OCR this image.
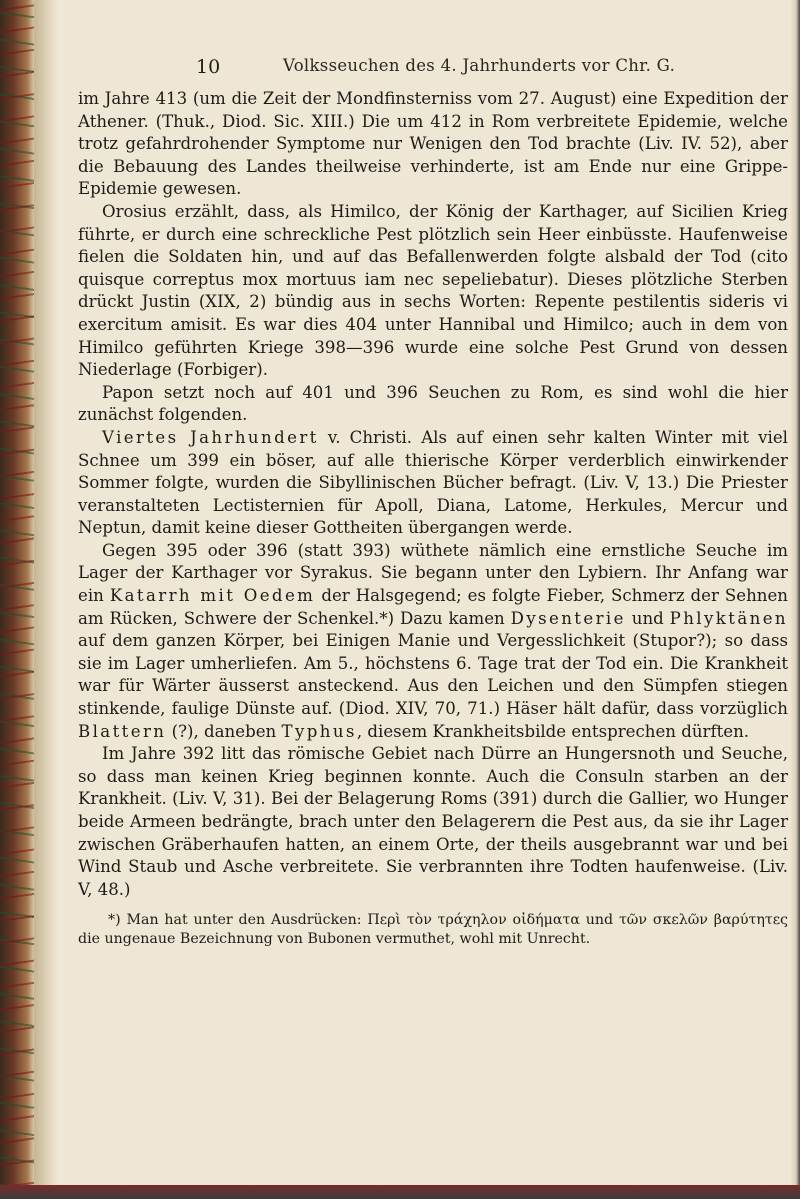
10	Volksseuchen des 4. Jahrhunderts vor Chr. G.

im Jahre 413 (um die Zeit der Mondfinsterniss vom 27. August) eine Expedition der Athener. (Thuk., Diod. Sic. XIII.) Die um 412 in Rom verbreitete Epidemie, welche trotz gefahrdrohender Symptome nur Wenigen den Tod brachte (Liv. IV. 52), aber die Bebauung des Landes theilweise verhinderte, ist am Ende nur eine Grippe-Epidemie gewesen.

Orosius erzählt, dass, als Himilco, der König der Karthager, auf Sicilien Krieg führte, er durch eine schreckliche Pest plötzlich sein Heer einbüsste. Haufenweise fielen die Soldaten hin, und auf das Befallenwerden folgte alsbald der Tod (cito quisque correptus mox mortuus iam nec sepeliebatur). Dieses plötzliche Sterben drückt Justin (XIX, 2) bündig aus in sechs Worten: Repente pestilentis sideris vi exercitum amisit. Es war dies 404 unter Hannibal und Himilco; auch in dem von Himilco geführten Kriege 398—396 wurde eine solche Pest Grund von dessen Niederlage (Forbiger).

Papon setzt noch auf 401 und 396 Seuchen zu Rom, es sind wohl die hier zunächst folgenden.

Viertes Jahrhundert v. Christi. Als auf einen sehr kalten Winter mit viel Schnee um 399 ein böser, auf alle thierische Körper verderblich einwirkender Sommer folgte, wurden die Sibyllinischen Bücher befragt. (Liv. V, 13.) Die Priester veranstalteten Lectisternien für Apoll, Diana, Latome, Herkules, Mercur und Neptun, damit keine dieser Gottheiten übergangen werde.

Gegen 395 oder 396 (statt 393) wüthete nämlich eine ernstliche Seuche im Lager der Karthager vor Syrakus. Sie begann unter den Lybiern. Ihr Anfang war ein Katarrh mit Oedem der Halsgegend; es folgte Fieber, Schmerz der Sehnen am Rücken, Schwere der Schenkel.*) Dazu kamen Dysenterie und Phlyktänen auf dem ganzen Körper, bei Einigen Manie und Vergesslichkeit (Stupor?); so dass sie im Lager umherliefen. Am 5., höchstens 6. Tage trat der Tod ein. Die Krankheit war für Wärter äusserst ansteckend. Aus den Leichen und den Sümpfen stiegen stinkende, faulige Dünste auf. (Diod. XIV, 70, 71.) Häser hält dafür, dass vorzüglich Blattern (?), daneben Typhus, diesem Krankheitsbilde entsprechen dürften.

Im Jahre 392 litt das römische Gebiet nach Dürre an Hungersnoth und Seuche, so dass man keinen Krieg beginnen konnte. Auch die Consuln starben an der Krankheit. (Liv. V, 31). Bei der Belagerung Roms (391) durch die Gallier, wo Hunger beide Armeen bedrängte, brach unter den Belagerern die Pest aus, da sie ihr Lager zwischen Gräberhaufen hatten, an einem Orte, der theils ausgebrannt war und bei Wind Staub und Asche verbreitete. Sie verbrannten ihre Todten haufenweise. (Liv. V, 48.)

*) Man hat unter den Ausdrücken: Περὶ τὸν τράχηλον οἰδήματα und τῶν σκελῶν βαρύτητες die ungenaue Bezeichnung von Bubonen vermuthet, wohl mit Unrecht.
